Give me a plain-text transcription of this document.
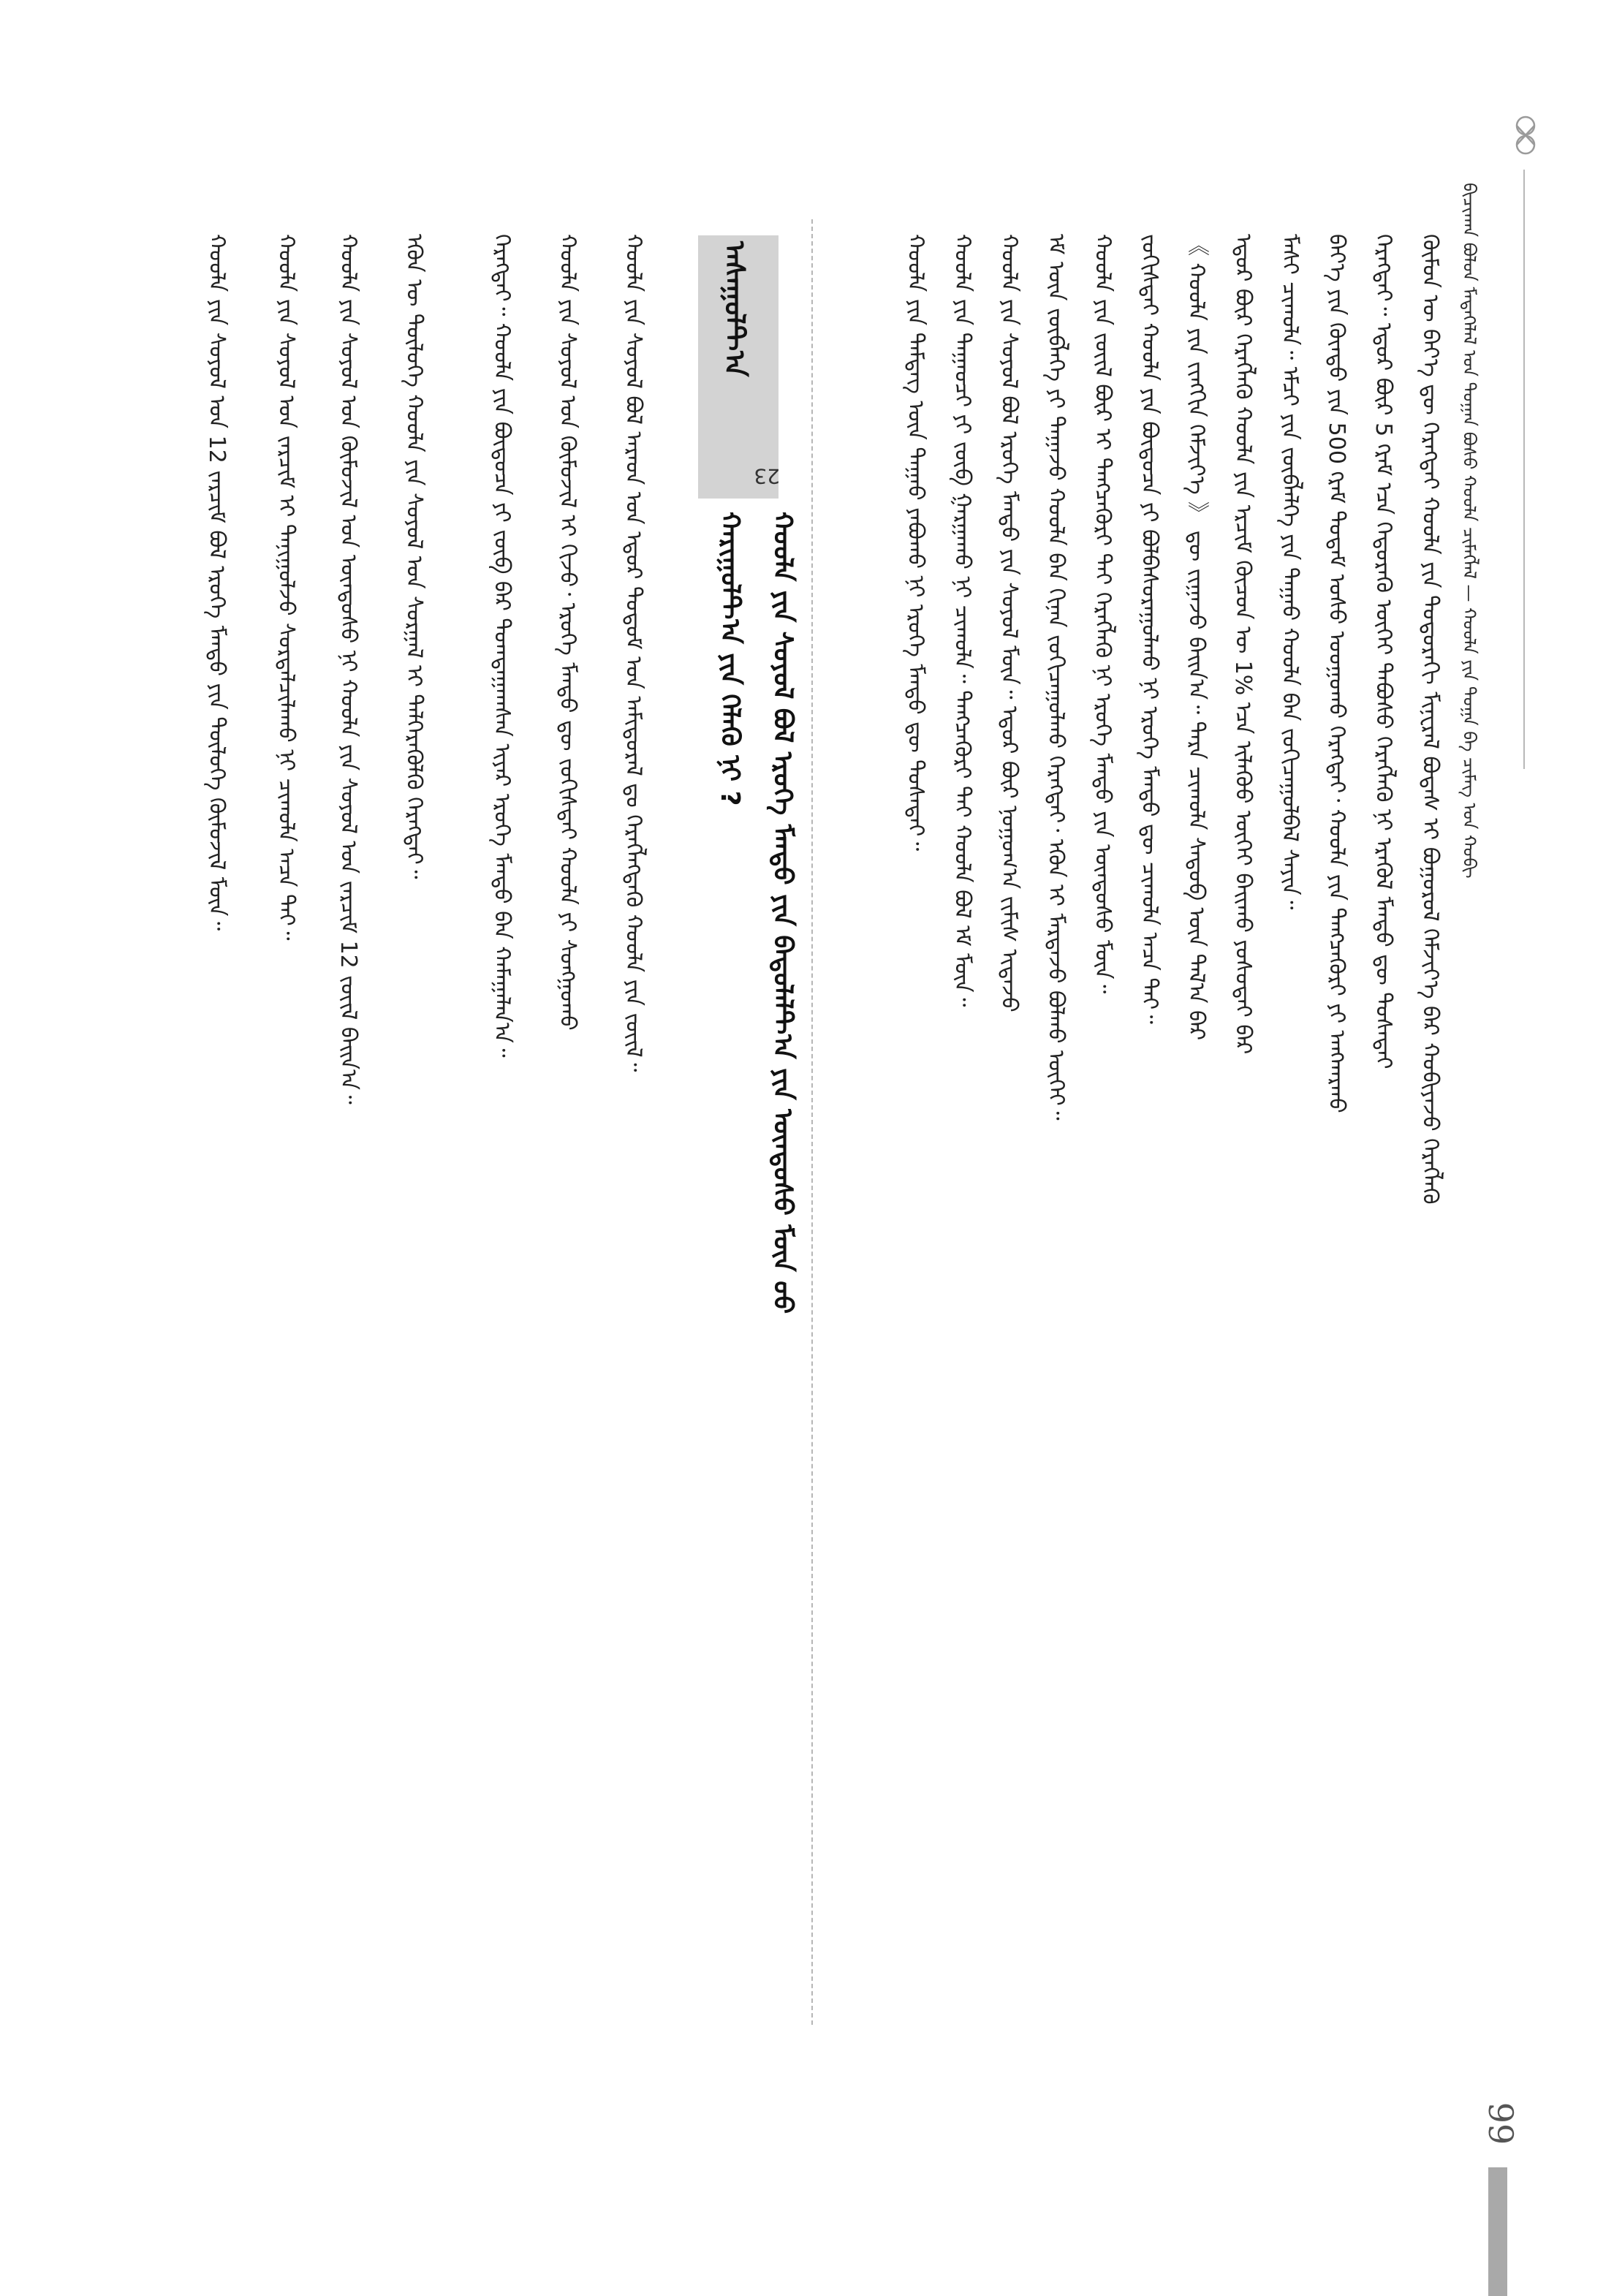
ᠪᠢᠴᠢᠬᠠᠨ ᠪᠣᠯᠣᠨ ᠮᠡᠳᠡᠭᠡᠯᠡᠯ ᠤᠨ ᠲᠣᠭᠠᠨ ᠪᠣᠰᠤ ᠬᠣᠣᠯᠠ ᠴᠢᠮᠡᠭᠯᠡᠯ — ᠬᠣᠣᠯᠠ ᠶᠢᠨ ᠲᠣᠭᠠ ᠪᠠ ᠴᠢᠮᠡᠭ ᠤᠨ ᠬᠤᠪᠢ
ᠬᠦᠮᠦᠨ ᠦ ᠪᠡᠶ᠎ᠡ ᠳᠦ ᠬᠡᠷᠡᠭᠲᠡᠢ ᠬᠣᠣᠯᠠ ᠶᠢᠨ ᠳᠣᠲᠣᠷᠠᠬᠢ ᠮᠢᠨᠧᠷᠠᠯ ᠪᠣᠳᠠᠰ ᠢ ᠪᠣᠭᠣᠷᠣᠯ ᠬᠡᠮᠵᠢᠶ᠎ᠡ ᠪᠡᠷ ᠬᠤᠪᠢᠶᠠᠵᠤ ᠬᠡᠷᠡᠭᠯᠡᠬᠦ
ᠬᠡᠷᠡᠭᠲᠡᠢ᠃ ᠡᠳᠦᠷ ᠪᠦᠷ 5 ᠭᠷᠠᠮ ᠡᠴᠡ ᠬᠡᠲᠦᠷᠡᠬᠦ ᠦᠭᠡᠢ ᠳᠠᠪᠤᠰᠤ ᠬᠡᠷᠡᠭᠯᠡᠬᠦ ᠨᠢ ᠡᠷᠡᠭᠦᠯ ᠮᠡᠨᠳᠦ ᠳᠦ ᠲᠤᠰᠠᠲᠠᠢ
ᠪᠡᠶ᠎ᠡ ᠶᠢᠨ ᠬᠦᠨᠳᠦ ᠶᠢᠨ 500 ᠭᠷᠠᠮ ᠲᠤᠲᠠᠮ ᠤᠰᠤ ᠤᠤᠭᠤᠬᠤ ᠬᠡᠷᠡᠭᠲᠡᠢ᠂ ᠬᠣᠣᠯᠠ ᠶᠢᠨ ᠲᠡᠩᠴᠡᠭᠦᠷᠢ ᠶᠢ ᠠᠩᠬᠠᠷᠬᠤ
ᠮᠠᠰᠢ ᠴᠢᠬᠤᠯᠠ᠃ ᠡᠮᠴᠢ ᠶᠢᠨ ᠵᠥᠪᠯᠡᠯᠭᠡ ᠶᠢᠨ ᠳᠠᠭᠠᠤ ᠬᠣᠣᠯᠠ ᠪᠡᠨ ᠵᠣᠬᠢᠴᠠᠭᠤᠯᠪᠠᠯ ᠰᠠᠶᠢᠨ᠃
ᠡᠳᠦᠷ ᠪᠦᠷ ᠬᠡᠷᠡᠭᠯᠡᠬᠦ ᠬᠣᠣᠯᠠ ᠶᠢᠨ ᠡᠷᠴᠢᠮ ᠬᠦᠴᠦᠨ ᠦ 1% ᠡᠴᠡ ᠢᠯᠡᠭᠦᠦ ᠦᠭᠡᠢ ᠪᠠᠢᠬᠤ ᠶᠣᠰᠣᠲᠠᠢ ᠪᠡᠷ
《 ᠬᠣᠣᠯᠠ ᠶᠢᠨ ᠵᠢᠩᠭᠢᠨ ᠬᠡᠮᠵᠢᠶ᠎ᠡ 》 ᠳᠦ ᠵᠢᠭᠠᠵᠤ ᠪᠠᠢᠨ᠎ᠠ᠃ ᠲᠡᠷᠡ ᠴᠢᠬᠤᠯᠠ ᠰᠡᠳᠦᠪ ᠦᠨ ᠲᠠᠯ᠎ᠠ ᠪᠡᠷ
ᠵᠣᠬᠢᠰᠲᠠᠢ ᠬᠣᠣᠯᠠ ᠶᠢᠨ ᠪᠦᠲᠦᠴᠡ ᠶᠢ ᠪᠣᠯᠪᠠᠰᠤᠷᠠᠭᠤᠯᠬᠤ ᠨᠢ ᠡᠷᠦᠬᠡ ᠮᠡᠨᠳᠦ ᠳᠦ ᠴᠢᠬᠤᠯᠠ ᠠᠴᠠ ᠲᠠᠢ᠃
ᠬᠣᠣᠯᠠ ᠶᠢᠨ ᠵᠦᠢᠯ ᠪᠦᠷ ᠢ ᠲᠡᠩᠴᠡᠭᠦᠷᠢ ᠲᠠᠢ ᠬᠡᠷᠡᠭᠯᠡᠬᠦ ᠨᠢ ᠡᠷᠦᠬᠡ ᠮᠡᠨᠳᠦ ᠶᠢᠨ ᠦᠨᠳᠦᠰᠦ ᠮᠥᠨ᠃
ᠡᠮ ᠦᠨ ᠵᠥᠪᠯᠡᠭᠡ ᠶᠢ ᠳᠠᠭᠠᠵᠤ ᠬᠣᠣᠯᠠ ᠪᠡᠨ ᠬᠢᠨᠠᠨ ᠵᠣᠬᠢᠴᠠᠭᠤᠯᠬᠤ ᠬᠡᠷᠡᠭᠲᠡᠢ᠂ ᠡᠭᠦᠨ ᠢ ᠮᠠᠷᠲᠠᠵᠤ ᠪᠣᠯᠬᠤ ᠦᠭᠡᠢ᠃
ᠬᠣᠣᠯᠠ ᠶᠢᠨ ᠰᠣᠶᠣᠯ ᠪᠣᠯ ᠡᠷᠦᠬᠡ ᠮᠡᠨᠳᠦ ᠶᠢᠨ ᠰᠣᠶᠣᠯ ᠮᠥᠨ᠃ ᠡᠳᠦᠷ ᠪᠦᠷ ᠨᠣᠭᠣᠭ᠎ᠠ ᠵᠢᠮᠢᠰ ᠢᠳᠡᠵᠦ
ᠬᠣᠣᠯᠠ ᠶᠢᠨ ᠳᠠᠭᠠᠤᠴᠢ ᠶᠢ ᠵᠥᠪ ᠭᠠᠷᠭᠠᠬᠤ ᠨᠢ ᠴᠢᠬᠤᠯᠠ᠃ ᠲᠡᠩᠴᠡᠭᠦᠷᠢ ᠲᠠᠢ ᠬᠣᠣᠯᠠ ᠪᠣᠯ ᠡᠮ ᠮᠥᠨ᠃
ᠬᠣᠣᠯᠠ ᠶᠢᠨ ᠲᠡᠮᠳᠡᠭ ᠦᠨ ᠳᠠᠭᠠᠤ ᠶᠠᠪᠤᠬᠤ ᠨᠢ ᠡᠷᠦᠬᠡ ᠮᠡᠨᠳᠦ ᠳᠦ ᠲᠤᠰᠠᠲᠠᠢ᠃
ᠠᠰᠠᠭᠤᠯᠲ᠎ᠠ
23
ᠬᠣᠣᠯᠠ ᠶᠢᠨ ᠰᠣᠶᠣᠯ ᠪᠣᠯ ᠡᠷᠦᠬᠡ ᠮᠡᠨᠳᠦ ᠶᠢᠨ ᠪᠠᠲᠤᠯᠠᠯᠲ᠎ᠠ ᠶᠢᠨ ᠦᠨᠳᠦᠰᠦ ᠮᠥᠨ ᠦᠦ
ᠬᠠᠷᠢᠭᠤᠯᠲ᠎ᠠ ᠶᠢᠨ ᠬᠡᠯᠡᠬᠦ ᠨᠢ ?
ᠬᠣᠣᠯᠠ ᠶᠢᠨ ᠰᠣᠶᠣᠯ ᠪᠣᠯ ᠠᠷᠠᠳ ᠤᠨ ᠡᠳᠦᠷ ᠲᠤᠲᠤᠮ ᠤᠨ ᠠᠮᠢᠳᠤᠷᠠᠯ ᠳᠤ ᠬᠡᠷᠡᠭᠯᠡᠭᠳᠡᠬᠦ ᠬᠣᠣᠯᠠ ᠶᠢᠨ ᠵᠦᠢᠯ᠃
ᠬᠣᠣᠯᠠ ᠶᠢᠨ ᠰᠣᠶᠣᠯ ᠤᠨ ᠬᠦᠮᠦᠵᠢᠯ ᠢ ᠬᠢᠵᠦ᠂ ᠡᠷᠦᠬᠡ ᠮᠡᠨᠳᠦ ᠳᠦ ᠵᠣᠬᠢᠰᠲᠠᠢ ᠬᠣᠣᠯᠠ ᠶᠢ ᠰᠣᠩᠭᠣᠬᠤ
ᠬᠡᠷᠡᠭᠲᠡᠢ᠃ ᠬᠣᠣᠯᠠ ᠶᠢᠨ ᠪᠦᠲᠦᠴᠡ ᠶᠢ ᠵᠥᠪ ᠪᠡᠷ ᠲᠣᠭᠲᠠᠭᠠᠭᠰᠠᠨ ᠢᠶᠠᠷ ᠡᠷᠦᠬᠡ ᠮᠡᠨᠳᠦ ᠪᠡᠨ ᠬᠠᠮᠠᠭᠠᠯᠠᠨ᠎ᠠ᠃
ᠡᠭᠦᠨ ᠦ ᠲᠥᠯᠥᠭᠡ ᠬᠣᠣᠯᠠ ᠶᠢᠨ ᠰᠣᠶᠣᠯ ᠤᠨ ᠰᠤᠷᠭᠠᠯ ᠢ ᠳᠡᠯᠭᠡᠷᠡᠭᠦᠯᠬᠦ ᠬᠡᠷᠡᠭᠲᠡᠢ᠃
ᠬᠣᠣᠯᠠ ᠶᠢᠨ ᠰᠣᠶᠣᠯ ᠤᠨ ᠬᠦᠮᠦᠵᠢᠯ ᠤᠨ ᠦᠨᠳᠦᠰᠦ ᠨᠢ ᠬᠣᠣᠯᠠ ᠶᠢᠨ ᠰᠣᠶᠣᠯ ᠤᠨ ᠵᠠᠷᠴᠢᠮ 12 ᠵᠦᠢᠯ ᠪᠠᠢᠨ᠎ᠠ᠃
ᠬᠣᠣᠯᠠ ᠶᠢᠨ ᠰᠣᠶᠣᠯ ᠤᠨ ᠵᠠᠷᠴᠢᠮ ᠢ ᠲᠠᠨᠢᠭᠤᠯᠵᠤ ᠰᠤᠷᠲᠠᠯᠴᠢᠯᠠᠬᠤ ᠨᠢ ᠴᠢᠬᠤᠯᠠ ᠠᠴᠠ ᠲᠠᠢ᠃
ᠬᠣᠣᠯᠠ ᠶᠢᠨ ᠰᠣᠶᠣᠯ ᠤᠨ 12 ᠵᠠᠷᠴᠢᠮ ᠪᠣᠯ ᠡᠷᠦᠬᠡ ᠮᠡᠨᠳᠦ ᠶᠢᠨ ᠲᠥᠯᠥᠭᠡ ᠬᠦᠮᠦᠵᠢᠯ ᠮᠥᠨ᠃
99
